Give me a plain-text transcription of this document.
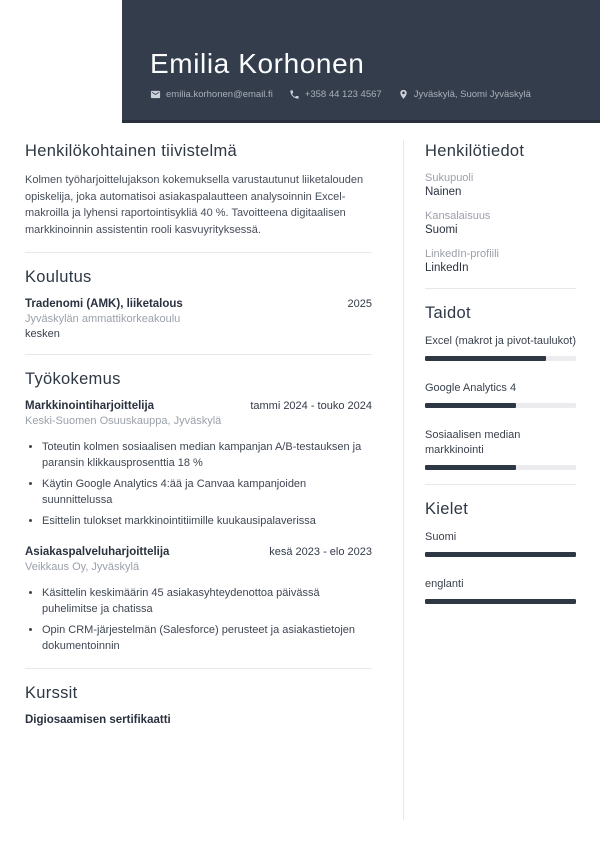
Emilia Korhonen
emilia.korhonen@email.fi	+358 44 123 4567	Jyväskylä, Suomi Jyväskylä
Henkilökohtainen tiivistelmä

Kolmen työharjoittelujakson kokemuksella varustautunut liiketalouden opiskelija, joka automatisoi asiakaspalautteen analysoinnin Excel-makroilla ja lyhensi raportointisykliä 40 %. Tavoitteena digitaalisen markkinoinnin assistentin rooli kasvuyrityksessä.

Koulutus
Tradenomi (AMK), liiketalous	2025
Jyväskylän ammattikorkeakoulu
kesken
Työkokemus
Markkinointiharjoittelija	tammi 2024 - touko 2024
Keski-Suomen Osuuskauppa, Jyväskylä
• Toteutin kolmen sosiaalisen median kampanjan A/B-testauksen ja paransin klikkausprosenttia 18 %
• Käytin Google Analytics 4:ää ja Canvaa kampanjoiden suunnittelussa
• Esittelin tulokset markkinointitiimille kuukausipalaverissa
Asiakaspalveluharjoittelija	kesä 2023 - elo 2023
Veikkaus Oy, Jyväskylä
• Käsittelin keskimäärin 45 asiakasyhteydenottoa päivässä puhelimitse ja chatissa
• Opin CRM-järjestelmän (Salesforce) perusteet ja asiakastietojen dokumentoinnin
Kurssit
Digiosaamisen sertifikaatti
Henkilötiedot
Sukupuoli
Nainen
Kansalaisuus
Suomi
LinkedIn-profiili
LinkedIn
Taidot
Excel (makrot ja pivot-taulukot)
Google Analytics 4
Sosiaalisen median markkinointi
Kielet
Suomi
englanti
